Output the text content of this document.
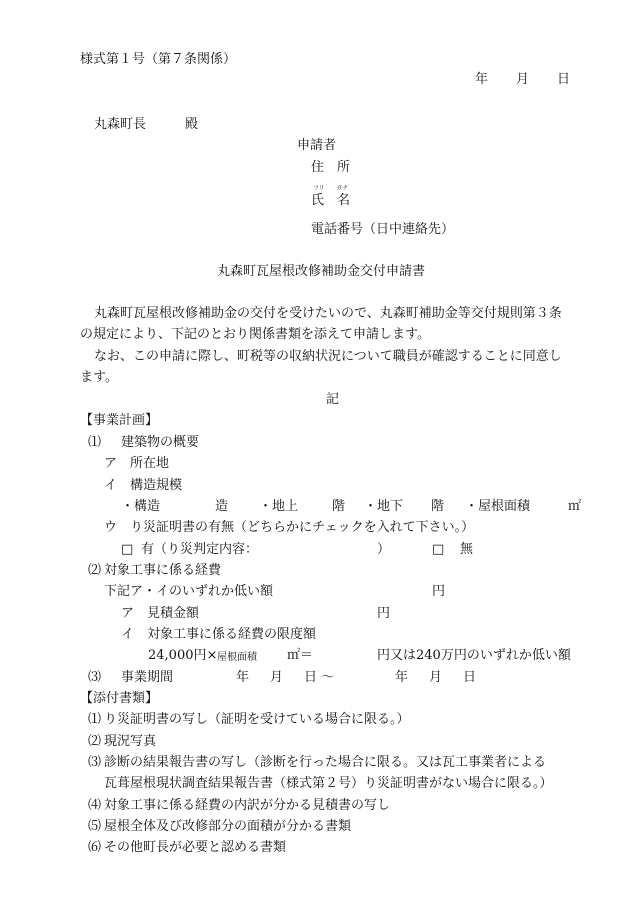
様式第１号（第７条関係）
年 月 日
丸森町長	殿
申請者
住　所
フリ ガナ
氏　名
電話番号（日中連絡先）
丸森町瓦屋根改修補助金交付申請書
丸森町瓦屋根改修補助金の交付を受けたいので、丸森町補助金等交付規則第３条
の規定により、下記のとおり関係書類を添えて申請します。
なお、この申請に際し、町税等の収納状況について職員が確認することに同意し
ます。
記
【事業計画】
⑴ 建築物の概要
ア　所在地
イ　構造規模
・構造	造 ・地上	階 ・地下 階 ・屋根面積	㎡
ウ　り災証明書の有無（どちらかにチェックを入れて下さい。）
□ 有（り災判定内容：	）	□ 無
⑵ 対象工事に係る経費
下記ア・イのいずれか低い額	円
ア　見積金額	円
イ　対象工事に係る経費の限度額
24,000円× 屋根面積 ㎡＝	円又は240万円のいずれか低い額
⑶ 事業期間	年 月 日 ～	年 月 日
【添付書類】
⑴ り災証明書の写し（証明を受けている場合に限る。）
⑵ 現況写真
⑶ 診断の結果報告書の写し（診断を行った場合に限る。又は瓦工事業者による
瓦葺屋根現状調査結果報告書（様式第２号）り災証明書がない場合に限る。）
⑷ 対象工事に係る経費の内訳が分かる見積書の写し
⑸ 屋根全体及び改修部分の面積が分かる書類
⑹ その他町長が必要と認める書類
